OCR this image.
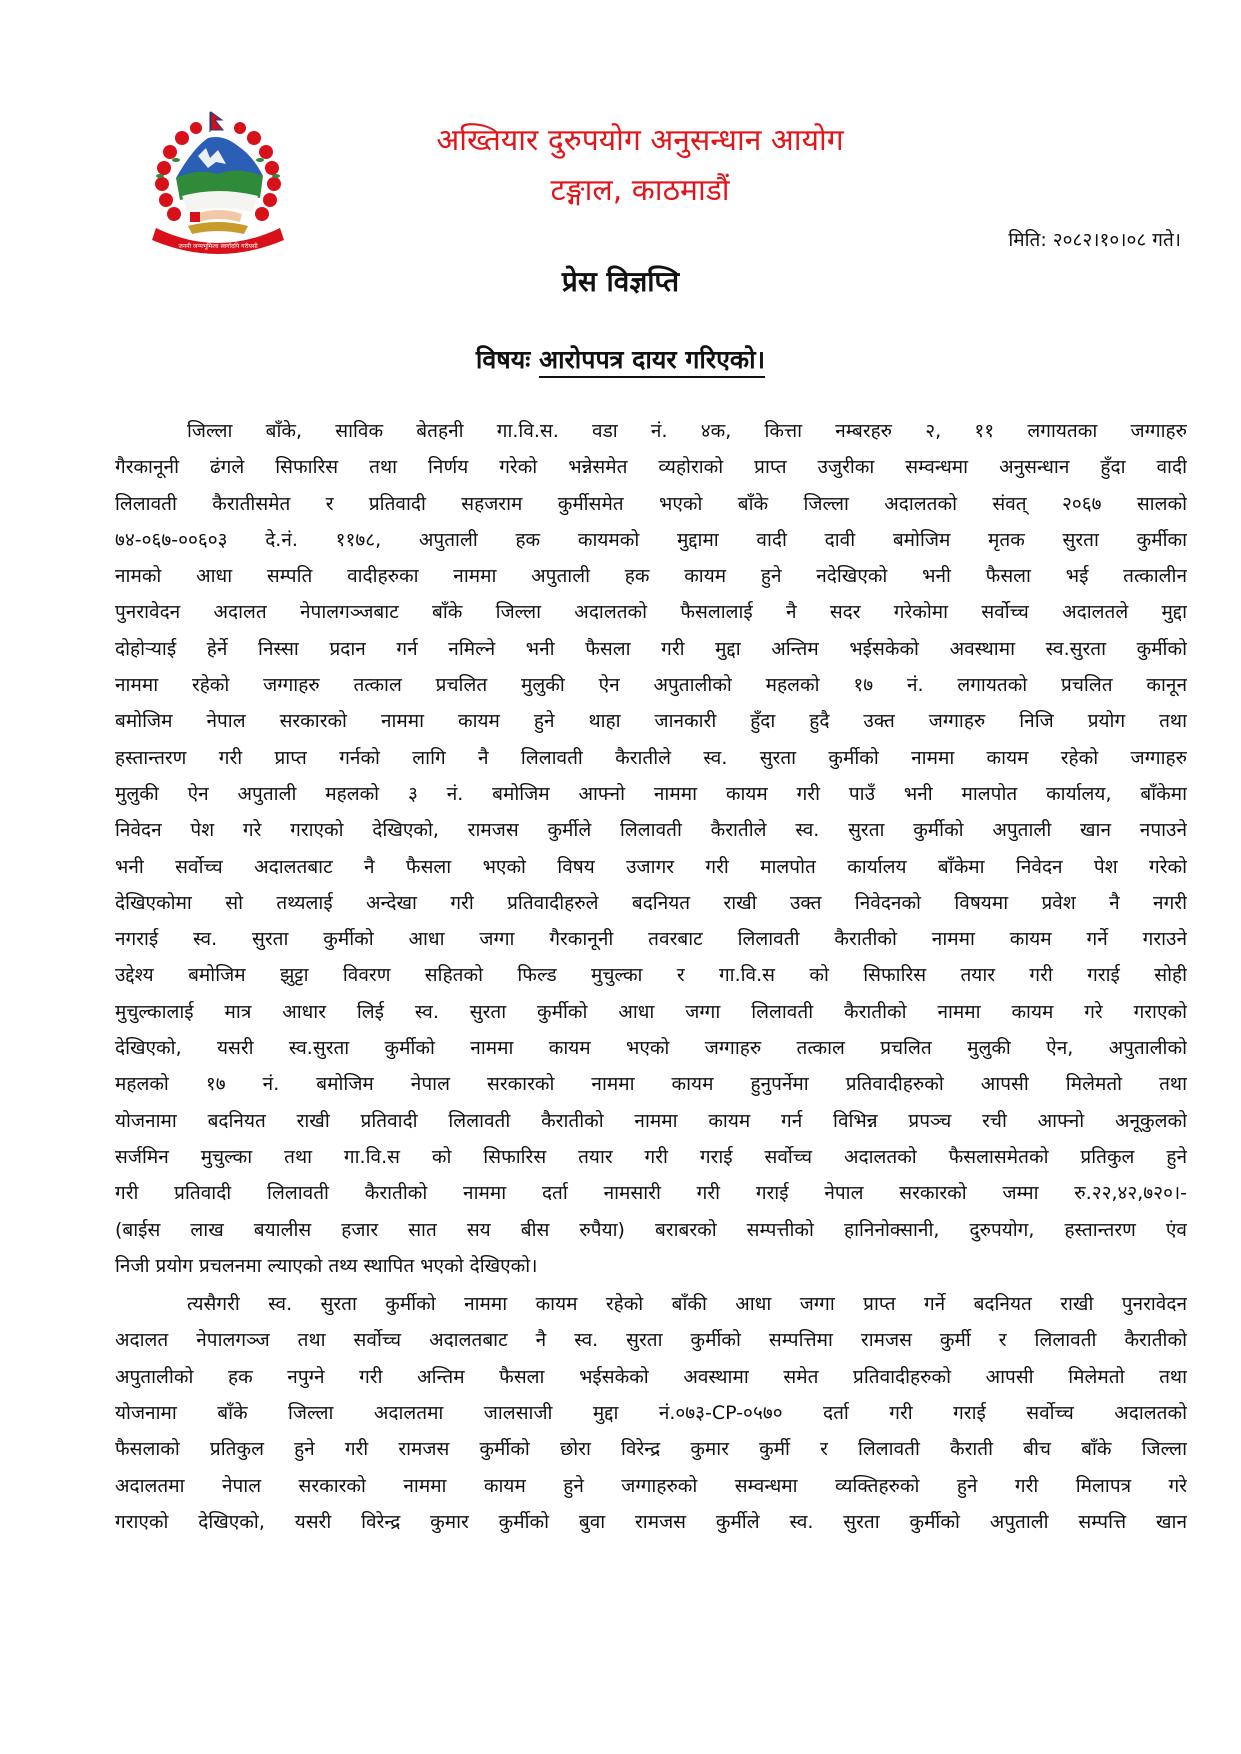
जननी जन्मभूमिश्च स्वर्गादपि गरीयसी
अख्तियार दुरुपयोग अनुसन्धान आयोग
टङ्गाल, काठमाडौं
मिति: २०८२।१०।०८ गते।
प्रेस विज्ञप्ति
विषयः आरोपपत्र दायर गरिएको।
जिल्ला बाँके, साविक बेतहनी गा.वि.स. वडा नं. ४क, कित्ता नम्बरहरु २, ११ लगायतका जग्गाहरु
गैरकानूनी ढंगले सिफारिस तथा निर्णय गरेको भन्नेसमेत व्यहोराको प्राप्त उजुरीका सम्वन्धमा अनुसन्धान हुँदा वादी
लिलावती कैरातीसमेत र प्रतिवादी सहजराम कुर्मीसमेत भएको बाँके जिल्ला अदालतको संवत् २०६७ सालको
७४-०६७-००६०३ दे.नं. ११७८, अपुताली हक कायमको मुद्दामा वादी दावी बमोजिम मृतक सुरता कुर्मीका
नामको आधा सम्पति वादीहरुका नाममा अपुताली हक कायम हुने नदेखिएको भनी फैसला भई तत्कालीन
पुनरावेदन अदालत नेपालगञ्जबाट बाँके जिल्ला अदालतको फैसलालाई नै सदर गरेकोमा सर्वोच्च अदालतले मुद्दा
दोहोर्‍याई हेर्ने निस्सा प्रदान गर्न नमिल्ने भनी फैसला गरी मुद्दा अन्तिम भईसकेको अवस्थामा स्व.सुरता कुर्मीको
नाममा रहेको जग्गाहरु तत्काल प्रचलित मुलुकी ऐन अपुतालीको महलको १७ नं. लगायतको प्रचलित कानून
बमोजिम नेपाल सरकारको नाममा कायम हुने थाहा जानकारी हुँदा हुदै उक्त जग्गाहरु निजि प्रयोग तथा
हस्तान्तरण गरी प्राप्त गर्नको लागि नै लिलावती कैरातीले स्व. सुरता कुर्मीको नाममा कायम रहेको जग्गाहरु
मुलुकी ऐन अपुताली महलको ३ नं. बमोजिम आफ्नो नाममा कायम गरी पाउँ भनी मालपोत कार्यालय, बाँकेमा
निवेदन पेश गरे गराएको देखिएको, रामजस कुर्मीले लिलावती कैरातीले स्व. सुरता कुर्मीको अपुताली खान नपाउने
भनी सर्वोच्च अदालतबाट नै फैसला भएको विषय उजागर गरी मालपोत कार्यालय बाँकेमा निवेदन पेश गरेको
देखिएकोमा सो तथ्यलाई अन्देखा गरी प्रतिवादीहरुले बदनियत राखी उक्त निवेदनको विषयमा प्रवेश नै नगरी
नगराई स्व. सुरता कुर्मीको आधा जग्गा गैरकानूनी तवरबाट लिलावती कैरातीको नाममा कायम गर्ने गराउने
उद्देश्य बमोजिम झुट्टा विवरण सहितको फिल्ड मुचुल्का र गा.वि.स को सिफारिस तयार गरी गराई सोही
मुचुल्कालाई मात्र आधार लिई स्व. सुरता कुर्मीको आधा जग्गा लिलावती कैरातीको नाममा कायम गरे गराएको
देखिएको, यसरी स्व.सुरता कुर्मीको नाममा कायम भएको जग्गाहरु तत्काल प्रचलित मुलुकी ऐन, अपुतालीको
महलको १७ नं. बमोजिम नेपाल सरकारको नाममा कायम हुनुपर्नेमा प्रतिवादीहरुको आपसी मिलेमतो तथा
योजनामा बदनियत राखी प्रतिवादी लिलावती कैरातीको नाममा कायम गर्न विभिन्न प्रपञ्च रची आफ्नो अनूकुलको
सर्जमिन मुचुल्का तथा गा.वि.स को सिफारिस तयार गरी गराई सर्वोच्च अदालतको फैसलासमेतको प्रतिकुल हुने
गरी प्रतिवादी लिलावती कैरातीको नाममा दर्ता नामसारी गरी गराई नेपाल सरकारको जम्मा रु.२२,४२,७२०।-
(बाईस लाख बयालीस हजार सात सय बीस रुपैया) बराबरको सम्पत्तीको हानिनोक्सानी, दुरुपयोग, हस्तान्तरण एंव
निजी प्रयोग प्रचलनमा ल्याएको तथ्य स्थापित भएको देखिएको।
त्यसैगरी स्व. सुरता कुर्मीको नाममा कायम रहेको बाँकी आधा जग्गा प्राप्त गर्ने बदनियत राखी पुनरावेदन
अदालत नेपालगञ्ज तथा सर्वोच्च अदालतबाट नै स्व. सुरता कुर्मीको सम्पत्तिमा रामजस कुर्मी र लिलावती कैरातीको
अपुतालीको हक नपुग्ने गरी अन्तिम फैसला भईसकेको अवस्थामा समेत प्रतिवादीहरुको आपसी मिलेमतो तथा
योजनामा बाँके जिल्ला अदालतमा जालसाजी मुद्दा नं.०७३-CP-०५७० दर्ता गरी गराई सर्वोच्च अदालतको
फैसलाको प्रतिकुल हुने गरी रामजस कुर्मीको छोरा विरेन्द्र कुमार कुर्मी र लिलावती कैराती बीच बाँके जिल्ला
अदालतमा नेपाल सरकारको नाममा कायम हुने जग्गाहरुको सम्वन्धमा व्यक्तिहरुको हुने गरी मिलापत्र गरे
गराएको देखिएको, यसरी विरेन्द्र कुमार कुर्मीको बुवा रामजस कुर्मीले स्व. सुरता कुर्मीको अपुताली सम्पत्ति खान
